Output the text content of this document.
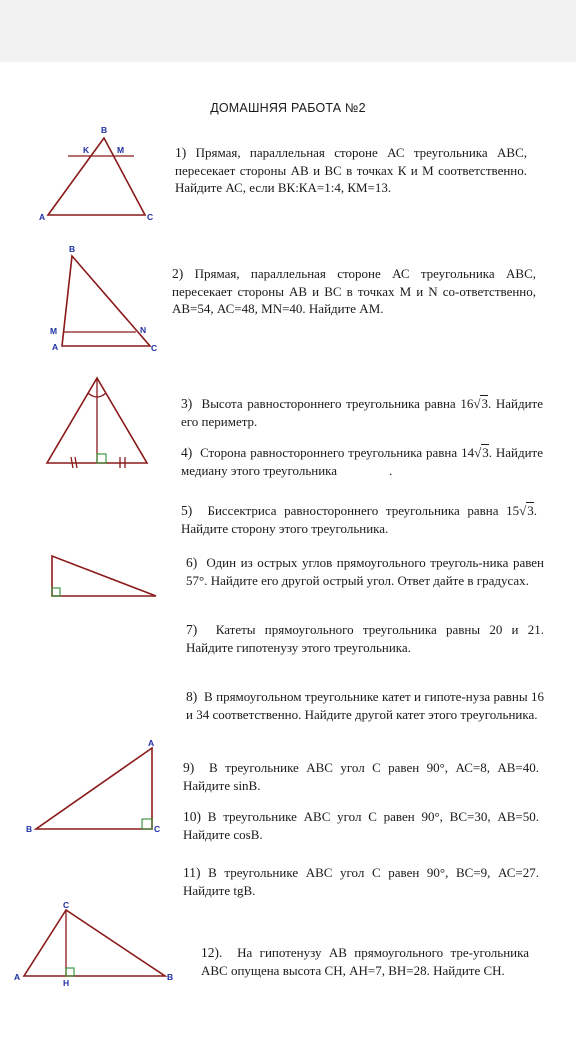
ДОМАШНЯЯ РАБОТА №2
B
K	M
A	C
B
M	N
A	C
A
B	C
C
A
H
B

1) Прямая, параллельная стороне АС треугольника АВС, пересекает стороны АВ и ВС в точках К и М соответственно. Найдите АС, если ВК:КА=1:4, КМ=13.

2) Прямая, параллельная стороне АС треугольника АВС, пересекает стороны АВ и ВС в точках М и N со-ответственно, АВ=54, АС=48, MN=40. Найдите АМ.

3) Высота равностороннего треугольника равна 16√3. Найдите его периметр.

4) Сторона равностороннего треугольника равна 14√3. Найдите медиану этого треугольника	.

5) Биссектриса равностороннего треугольника равна 15√3. Найдите сторону этого треугольника.

6) Один из острых углов прямоугольного треуголь-ника равен 57°. Найдите его другой острый угол. Ответ дайте в градусах.

7) Катеты прямоугольного треугольника равны 20 и 21. Найдите гипотенузу этого треугольника.

8) В прямоугольном треугольнике катет и гипоте-нуза равны 16 и 34 соответственно. Найдите другой катет этого треугольника.

9) В треугольнике АВС угол С равен 90°, АС=8, АВ=40. Найдите sinB.

10) В треугольнике АВС угол С равен 90°, ВС=30, АВ=50. Найдите cosB.

11) В треугольнике АВС угол С равен 90°, ВС=9, АС=27. Найдите tgB.

12). На гипотенузу АВ прямоугольного тре-угольника АВС опущена высота СН, АН=7, ВН=28. Найдите СН.
